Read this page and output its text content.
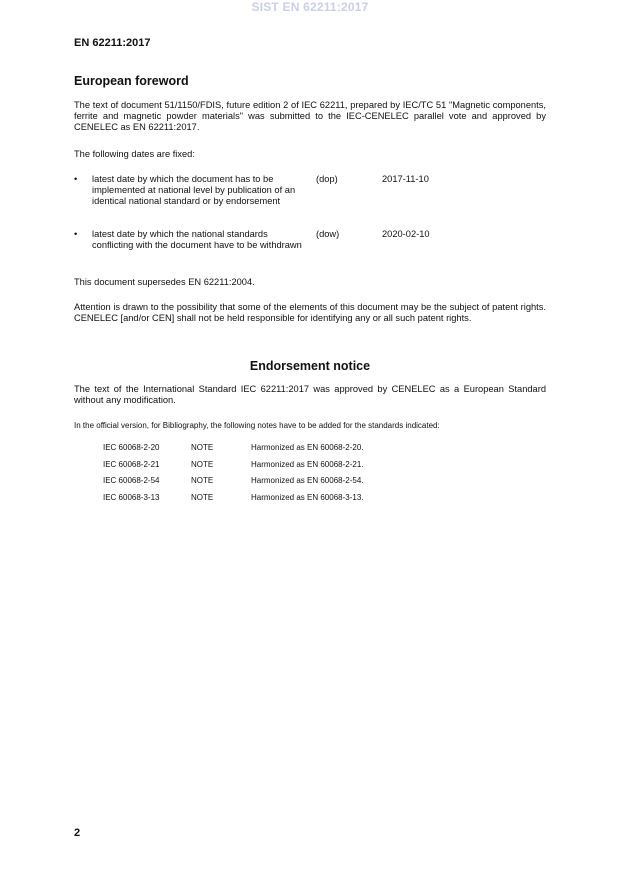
SIST EN 62211:2017
EN 62211:2017
European foreword
The text of document 51/1150/FDIS, future edition 2 of IEC 62211, prepared by IEC/TC 51 "Magnetic components, ferrite and magnetic powder materials" was submitted to the IEC-CENELEC parallel vote and approved by CENELEC as EN 62211:2017.
The following dates are fixed:
• latest date by which the document has to be implemented at national level by publication of an identical national standard or by endorsement
(dop)	2017-11-10
• latest date by which the national standards conflicting with the document have to be withdrawn
(dow)	2020-02-10
This document supersedes EN 62211:2004.
Attention is drawn to the possibility that some of the elements of this document may be the subject of patent rights. CENELEC [and/or CEN] shall not be held responsible for identifying any or all such patent rights.
Endorsement notice
The text of the International Standard IEC 62211:2017 was approved by CENELEC as a European Standard without any modification.
In the official version, for Bibliography, the following notes have to be added for the standards indicated:
IEC 60068-2-20	NOTE	Harmonized as EN 60068-2-20.
IEC 60068-2-21	NOTE	Harmonized as EN 60068-2-21.
IEC 60068-2-54	NOTE	Harmonized as EN 60068-2-54.
IEC 60068-3-13	NOTE	Harmonized as EN 60068-3-13.
2
